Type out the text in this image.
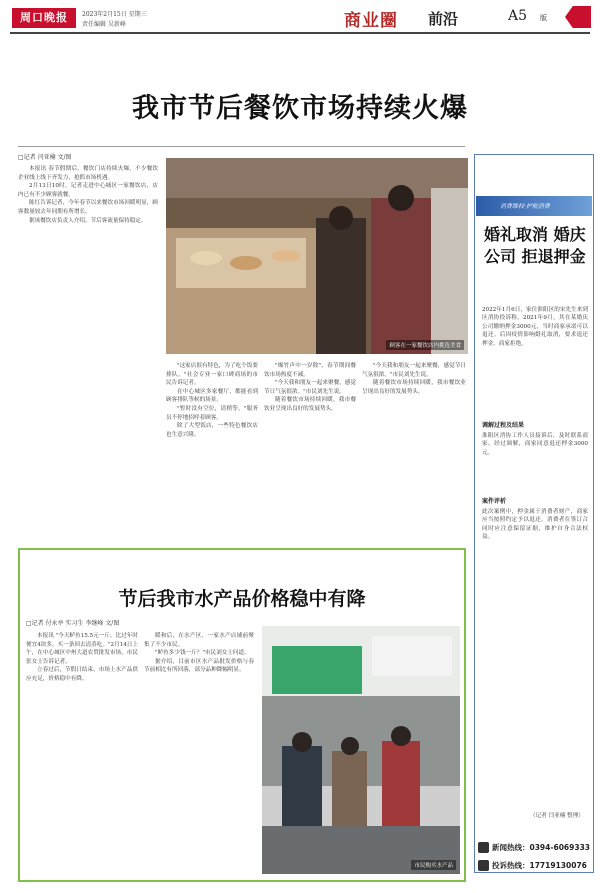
周口晚报	2023年2月15日 星期三
责任编辑 吴新峰	商业圈 前沿	A5 版
我市节后餐饮市场持续火爆
□记者 闫亚楠 文/图

本报讯 春节假期后，餐饮门店持续火爆，不少餐饮企业线上线下齐发力，抢抓市场机遇。

2月13日10时，记者走进中心城区一家餐饮店，店内已有不少顾客就餐。

陈红告诉记者，今年春节以来餐饮市场回暖明显，顾客数量较去年同期有所增长。

据该餐饮店负责人介绍，节后客流量保持稳定。

顾客在一家餐饮店内挑选美食

"这家店很有特色，为了吃个饭要排队。"社会专业一家口碑商场的市民告诉记者。

在中心城区多家餐厅，都能看到顾客排队等候的场景。

"暂时没有空位，请稍等。"服务员不停地招呼着顾客。

除了大型饭店，一些特色餐饮店也生意兴隆。

"爆竹声中一岁除"，春节期间餐饮市场热度不减。

"今天我和朋友一起来聚餐，感觉节日气氛很浓。"市民刘先生说。

随着餐饮市场持续回暖，我市餐饮业呈现出良好的发展势头。

"今天我和朋友一起来聚餐，感觉节日气氛很浓。"市民刘先生说。

随着餐饮市场持续回暖，我市餐饮业呈现出良好的发展势头。

消费维权·护航消费
婚礼取消 婚庆公司 拒退押金
2022年1月6日，家住淮阳区的宋先生来到区消协投诉称，2021年9月，其在某婚庆公司缴纳押金3000元，当时商家承诺可以退还。后因疫情影响婚礼取消，要求退还押金，商家拒绝。
调解过程及结果
淮阳区消协工作人员接诉后，及时联系商家。经过调解，商家同意退还押金3000元。
案件评析
此次案例中，押金属于消费者财产，商家应当按照约定予以退还。消费者在签订合同时应注意保留证据，维护自身合法权益。
（记者 闫亚楠 整理）
新闻热线：0394-6069333
投诉热线：17719130076
节后我市水产品价格稳中有降
□记者 付永亭 实习生 李继峰 文/图

本报讯 "今天鲈鱼15.5元一斤，比过年时便宜4块多，买一条回去清蒸吃。"2月14日上午，在中心城区中州大道农贸批发市场，市民张女士告诉记者。

立春过后，节假日结束，市场上水产品供应充足，价格稳中有降。

暖和后，在水产区，一家水产店铺前聚集了不少市民。

"鲈鱼多少钱一斤？"市民刘女士问道。

据介绍，目前市区水产品批发价格与春节前相比有所回落，部分品种降幅明显。

市民购买水产品
